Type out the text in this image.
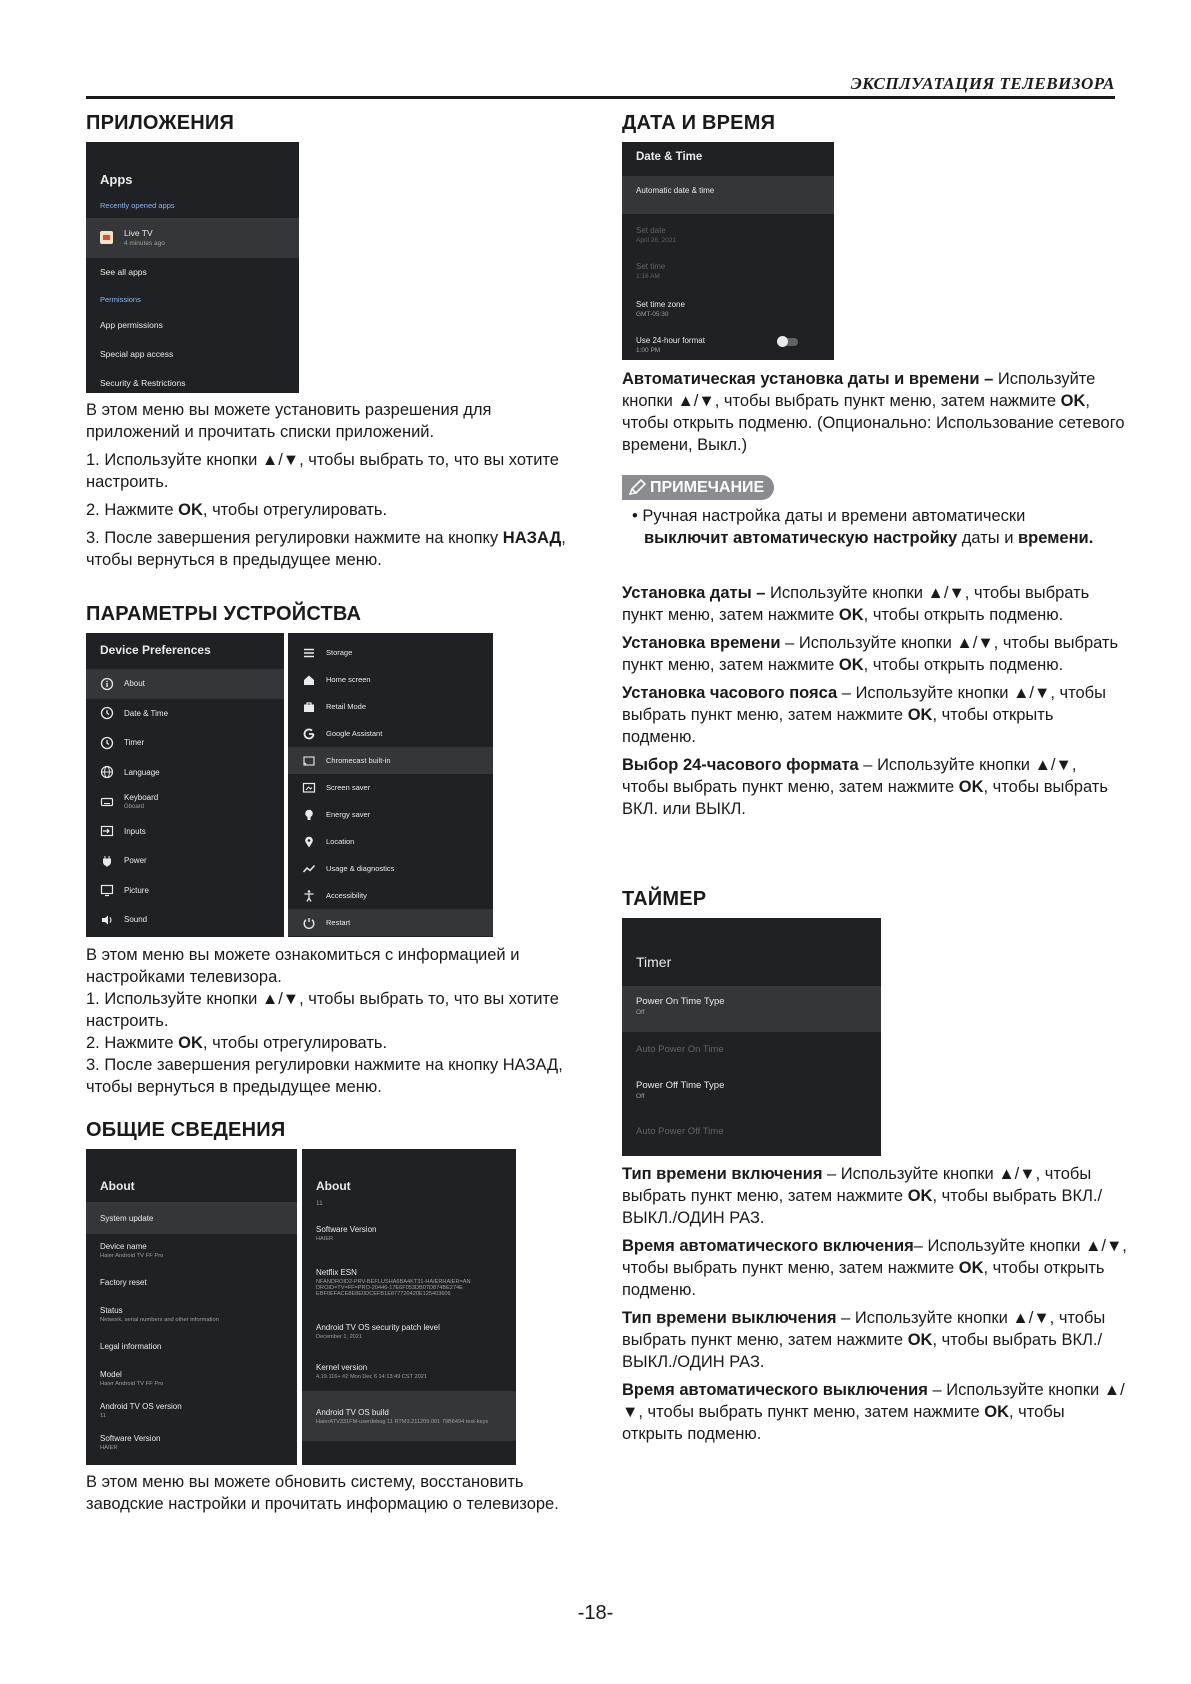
ЭКСПЛУАТАЦИЯ ТЕЛЕВИЗОРА
ПРИЛОЖЕНИЯ
Apps
Recently opened apps
Live TV
4 minutes ago
See all apps
Permissions
App permissions
Special app access
Security & Restrictions

В этом меню вы можете установить разрешения для приложений и прочитать списки приложений.

1. Используйте кнопки ▲/▼, чтобы выбрать то, что вы хотите настроить.

2. Нажмите OK, чтобы отрегулировать.

3. После завершения регулировки нажмите на кнопку НАЗАД, чтобы вернуться в предыдущее меню.

ПАРАМЕТРЫ УСТРОЙСТВА
Device Preferences
About
Date & Time
Timer
Language
Keyboard
Gboard
Inputs
Power
Picture
Sound
Storage
Home screen
Retail Mode
Google Assistant
Chromecast built-in
Screen saver
Energy saver
Location
Usage & diagnostics
Accessibility
Restart

В этом меню вы можете ознакомиться с информацией и настройками телевизора.

1. Используйте кнопки ▲/▼, чтобы выбрать то, что вы хотите настроить.

2. Нажмите OK, чтобы отрегулировать.

3. После завершения регулировки нажмите на кнопку НАЗАД, чтобы вернуться в предыдущее меню.

ОБЩИЕ СВЕДЕНИЯ
About
System update
Device name
Haier Android TV FF Pro
Factory reset
Status
Network, serial numbers and other information
Legal information
Model
Haier Android TV FF Pro
Android TV OS version
11
Software Version
HAIER
About
11
Software Version
HAIER
Netflix ESN
NFANDROID2-PRV-BEFLUSHA6BA4KT31-HAIERHAIER=AN DROID=TV=FF=PRO-20446-17E6F053DB07D874BE274E EBF0EFACE8E8E0DCEFB1E877720420E125403606
Android TV OS security patch level
December 1, 2021
Kernel version
4.19.116+ #2 Mon Dec 6 14:13:49 CST 2021
Android TV OS build
HaierATV331FM-userdebug 11 RTM3.211209.001 79B6494 test-keys

В этом меню вы можете обновить систему, восстановить заводские настройки и прочитать информацию о телевизоре.

ДАТА И ВРЕМЯ
Date & Time
Automatic date & time
Set date
April 26, 2021
Set time
1:16 AM
Set time zone
GMT-05:30
Use 24-hour format
1:00 PM

Автоматическая установка даты и времени – Используйте кнопки ▲/▼, чтобы выбрать пункт меню, затем нажмите OK, чтобы открыть подменю. (Опционально: Использование сетевого времени, Выкл.)

ПРИМЕЧАНИЕ

• Ручная настройка даты и времени автоматически выключит автоматическую настройку даты и времени.

Установка даты – Используйте кнопки ▲/▼, чтобы выбрать пункт меню, затем нажмите OK, чтобы открыть подменю.

Установка времени – Используйте кнопки ▲/▼, чтобы выбрать пункт меню, затем нажмите OK, чтобы открыть подменю.

Установка часового пояса – Используйте кнопки ▲/▼, чтобы выбрать пункт меню, затем нажмите OK, чтобы открыть подменю.

Выбор 24-часового формата – Используйте кнопки ▲/▼, чтобы выбрать пункт меню, затем нажмите OK, чтобы выбрать ВКЛ. или ВЫКЛ.

ТАЙМЕР
Timer
Power On Time Type
Off
Auto Power On Time
Power Off Time Type
Off
Auto Power Off Time

Тип времени включения – Используйте кнопки ▲/▼, чтобы выбрать пункт меню, затем нажмите OK, чтобы выбрать ВКЛ./ВЫКЛ./ОДИН РАЗ.

Время автоматического включения– Используйте кнопки ▲/▼, чтобы выбрать пункт меню, затем нажмите OK, чтобы открыть подменю.

Тип времени выключения – Используйте кнопки ▲/▼, чтобы выбрать пункт меню, затем нажмите OK, чтобы выбрать ВКЛ./ВЫКЛ./ОДИН РАЗ.

Время автоматического выключения – Используйте кнопки ▲/▼, чтобы выбрать пункт меню, затем нажмите OK, чтобы открыть подменю.

-18-
